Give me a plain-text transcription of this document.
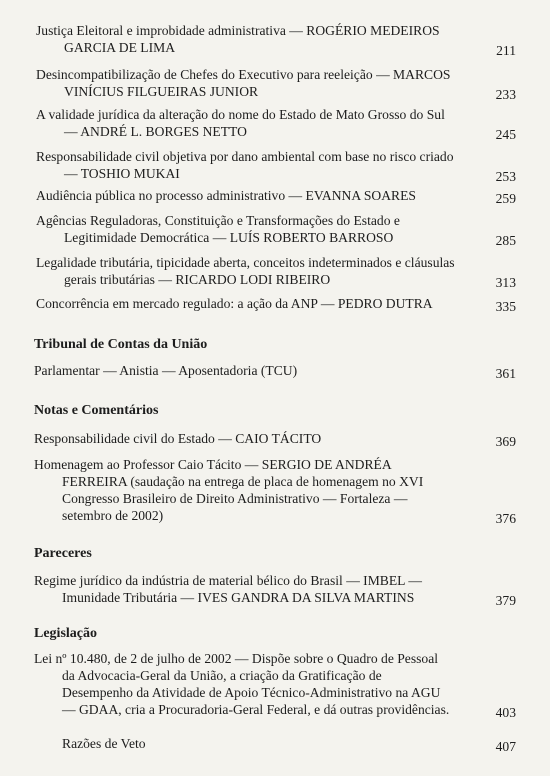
Justiça Eleitoral e improbidade administrativa — ROGÉRIO MEDEIROS
GARCIA DE LIMA	211
Desincompatibilização de Chefes do Executivo para reeleição — MARCOS
VINÍCIUS FILGUEIRAS JUNIOR	233
A validade jurídica da alteração do nome do Estado de Mato Grosso do Sul
— ANDRÉ L. BORGES NETTO	245
Responsabilidade civil objetiva por dano ambiental com base no risco criado
— TOSHIO MUKAI	253
Audiência pública no processo administrativo — EVANNA SOARES	259
Agências Reguladoras, Constituição e Transformações do Estado e
Legitimidade Democrática — LUÍS ROBERTO BARROSO	285
Legalidade tributária, tipicidade aberta, conceitos indeterminados e cláusulas
gerais tributárias — RICARDO LODI RIBEIRO	313
Concorrência em mercado regulado: a ação da ANP — PEDRO DUTRA	335
Tribunal de Contas da União
Parlamentar — Anistia — Aposentadoria (TCU)	361
Notas e Comentários
Responsabilidade civil do Estado — CAIO TÁCITO	369
Homenagem ao Professor Caio Tácito — SERGIO DE ANDRÉA
FERREIRA (saudação na entrega de placa de homenagem no XVI
Congresso Brasileiro de Direito Administrativo — Fortaleza —
setembro de 2002)	376
Pareceres
Regime jurídico da indústria de material bélico do Brasil — IMBEL —
Imunidade Tributária — IVES GANDRA DA SILVA MARTINS	379
Legislação
Lei nº 10.480, de 2 de julho de 2002 — Dispõe sobre o Quadro de Pessoal
da Advocacia-Geral da União, a criação da Gratificação de
Desempenho da Atividade de Apoio Técnico-Administrativo na AGU
— GDAA, cria a Procuradoria-Geral Federal, e dá outras providências.	403
Razões de Veto	407
